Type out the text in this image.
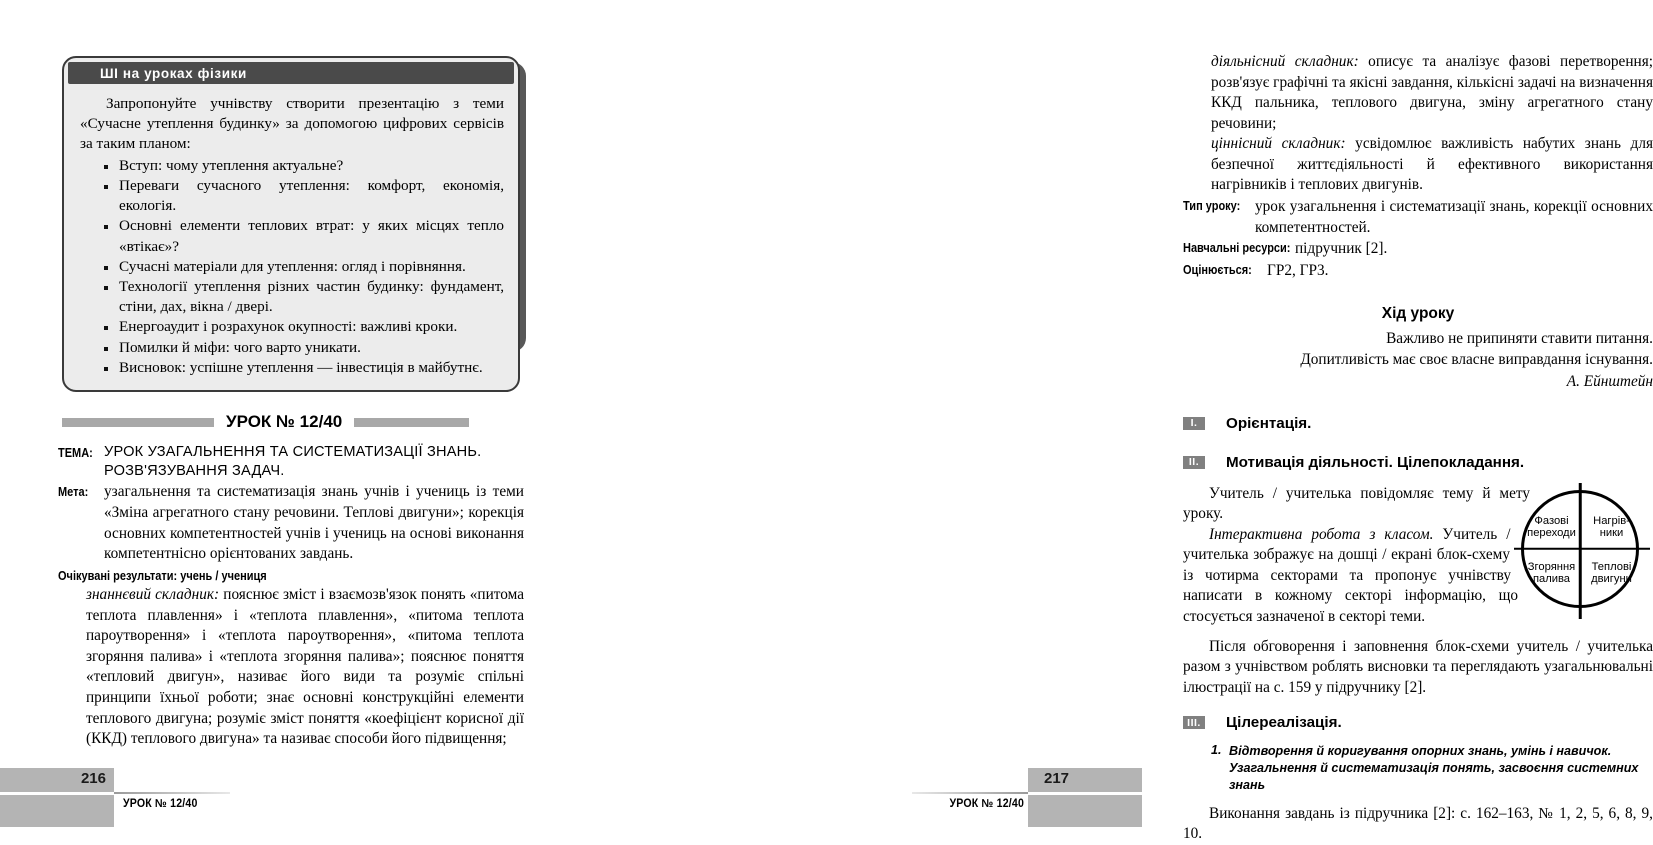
ШІ на уроках фізики

Запропонуйте учнівству створити презентацію з теми «Сучасне утеплення будинку» за допомогою цифрових сервісів за таким планом:

Вступ: чому утеплення актуальне?
Переваги сучасного утеплення: комфорт, економія, екологія.
Основні елементи теплових втрат: у яких місцях тепло «втікає»?
Сучасні матеріали для утеплення: огляд і порівняння.
Технології утеплення різних частин будинку: фундамент, стіни, дах, вікна / двері.
Енергоаудит і розрахунок окупності: важливі кроки.
Помилки й міфи: чого варто уникати.
Висновок: успішне утеплення — інвестиція в майбутнє.
УРОК № 12/40
ТЕМА: УРОК УЗАГАЛЬНЕННЯ ТА СИСТЕМАТИЗАЦІЇ ЗНАНЬ. РОЗВ'ЯЗУВАННЯ ЗАДАЧ.
Мета:	узагальнення та систематизація знань учнів і учениць із теми «Зміна агрегатного стану речовини. Теплові двигуни»; корекція основних компетентностей учнів і учениць на основі виконання компетентнісно орієнтованих завдань.
Очікувані результати: учень / учениця

знаннєвий складник: пояснює зміст і взаємозв'язок понять «питома теплота плавлення» і «теплота плавлення», «питома теплота пароутворення» і «теплота пароутворення», «питома теплота згоряння палива» і «теплота згоряння палива»; пояснює поняття «тепловий двигун», називає його види та розуміє спільні принципи їхньої роботи; знає основні конструкційні елементи теплового двигуна; розуміє зміст поняття «коефіцієнт корисної дії (ККД) теплового двигуна» та називає способи його підвищення;

216
УРОК № 12/40

діяльнісний складник: описує та аналізує фазові перетворення; розв'язує графічні та якісні завдання, кількісні задачі на визначення ККД пальника, теплового двигуна, зміну агрегатного стану речовини;

ціннісний складник: усвідомлює важливість набутих знань для безпечної життєдіяльності й ефективного використання нагрівників і теплових двигунів.

Тип уроку: урок узагальнення і систематизації знань, корекції основних компетентностей.
Навчальні ресурси: підручник [2].
Оцінюється: ГР2, ГР3.
Хід уроку
Важливо не припиняти ставити питання.
Допитливість має своє власне виправдання існування.
А. Ейнштейн
I.	Орієнтація.
II.	Мотивація діяльності. Цілепокладання.
Фазові переходи
Нагрів- ники
Згоряння палива
Теплові двигуни

Учитель / учителька повідомляє тему й мету уроку.

Інтерактивна робота з класом. Учитель / учителька зображує на дошці / екрані блок-схему із чотирма секторами та пропонує учнівству написати в кожному секторі інформацію, що стосується зазначеної в секторі теми.

Після обговорення і заповнення блок-схеми учитель / учителька разом з учнівством роблять висновки та переглядають узагальнювальні ілюстрації на с. 159 у підручнику [2].

III. Цілереалізація.
1. Відтворення й коригування опорних знань, умінь і навичок. Узагальнення й систематизація понять, засвоєння системних знань

Виконання завдань із підручника [2]: с. 162–163, № 1, 2, 5, 6, 8, 9, 10.

217
УРОК № 12/40
